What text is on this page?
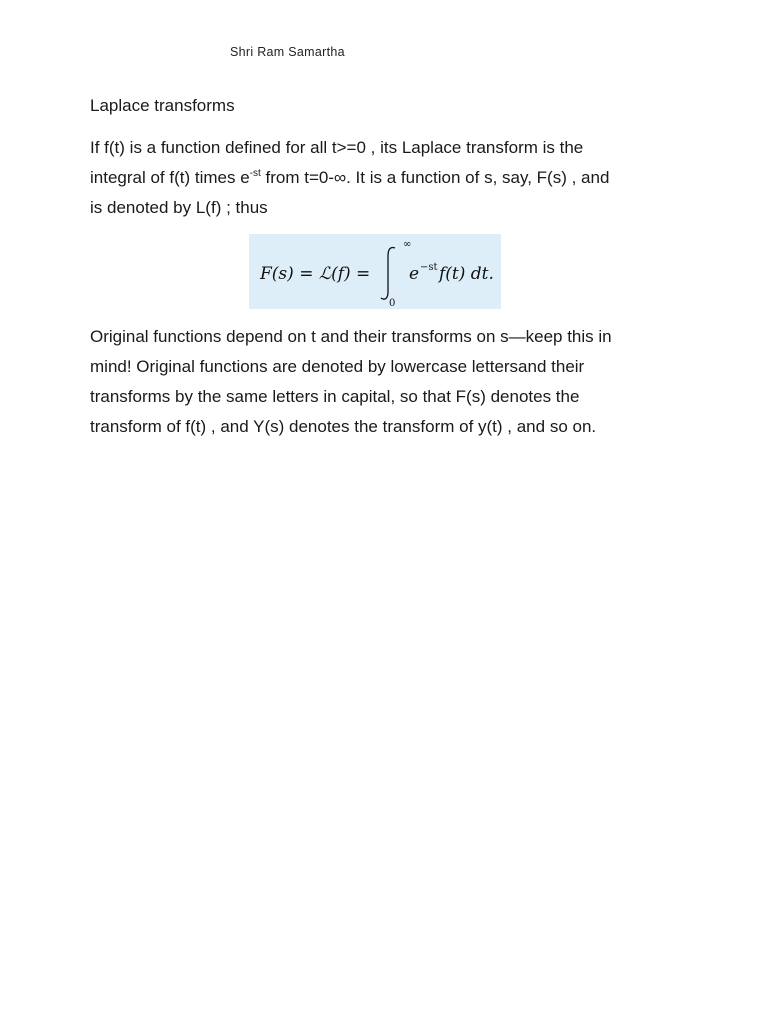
Shri Ram Samartha
Laplace transforms
If f(t) is a function defined for all t>=0 , its Laplace transform is the
integral of f(t) times $e^{-st}$ from t=0-∞. It is a function of s, say, F(s) , and
is denoted by L(f) ; thus
F(s) = ℒ(f) =
∞
0
e −st f(t) dt.
Original functions depend on t and their transforms on s—keep this in
mind! Original functions are denoted by lowercase lettersand their
transforms by the same letters in capital, so that F(s) denotes the
transform of f(t) , and Y(s) denotes the transform of y(t) , and so on.
